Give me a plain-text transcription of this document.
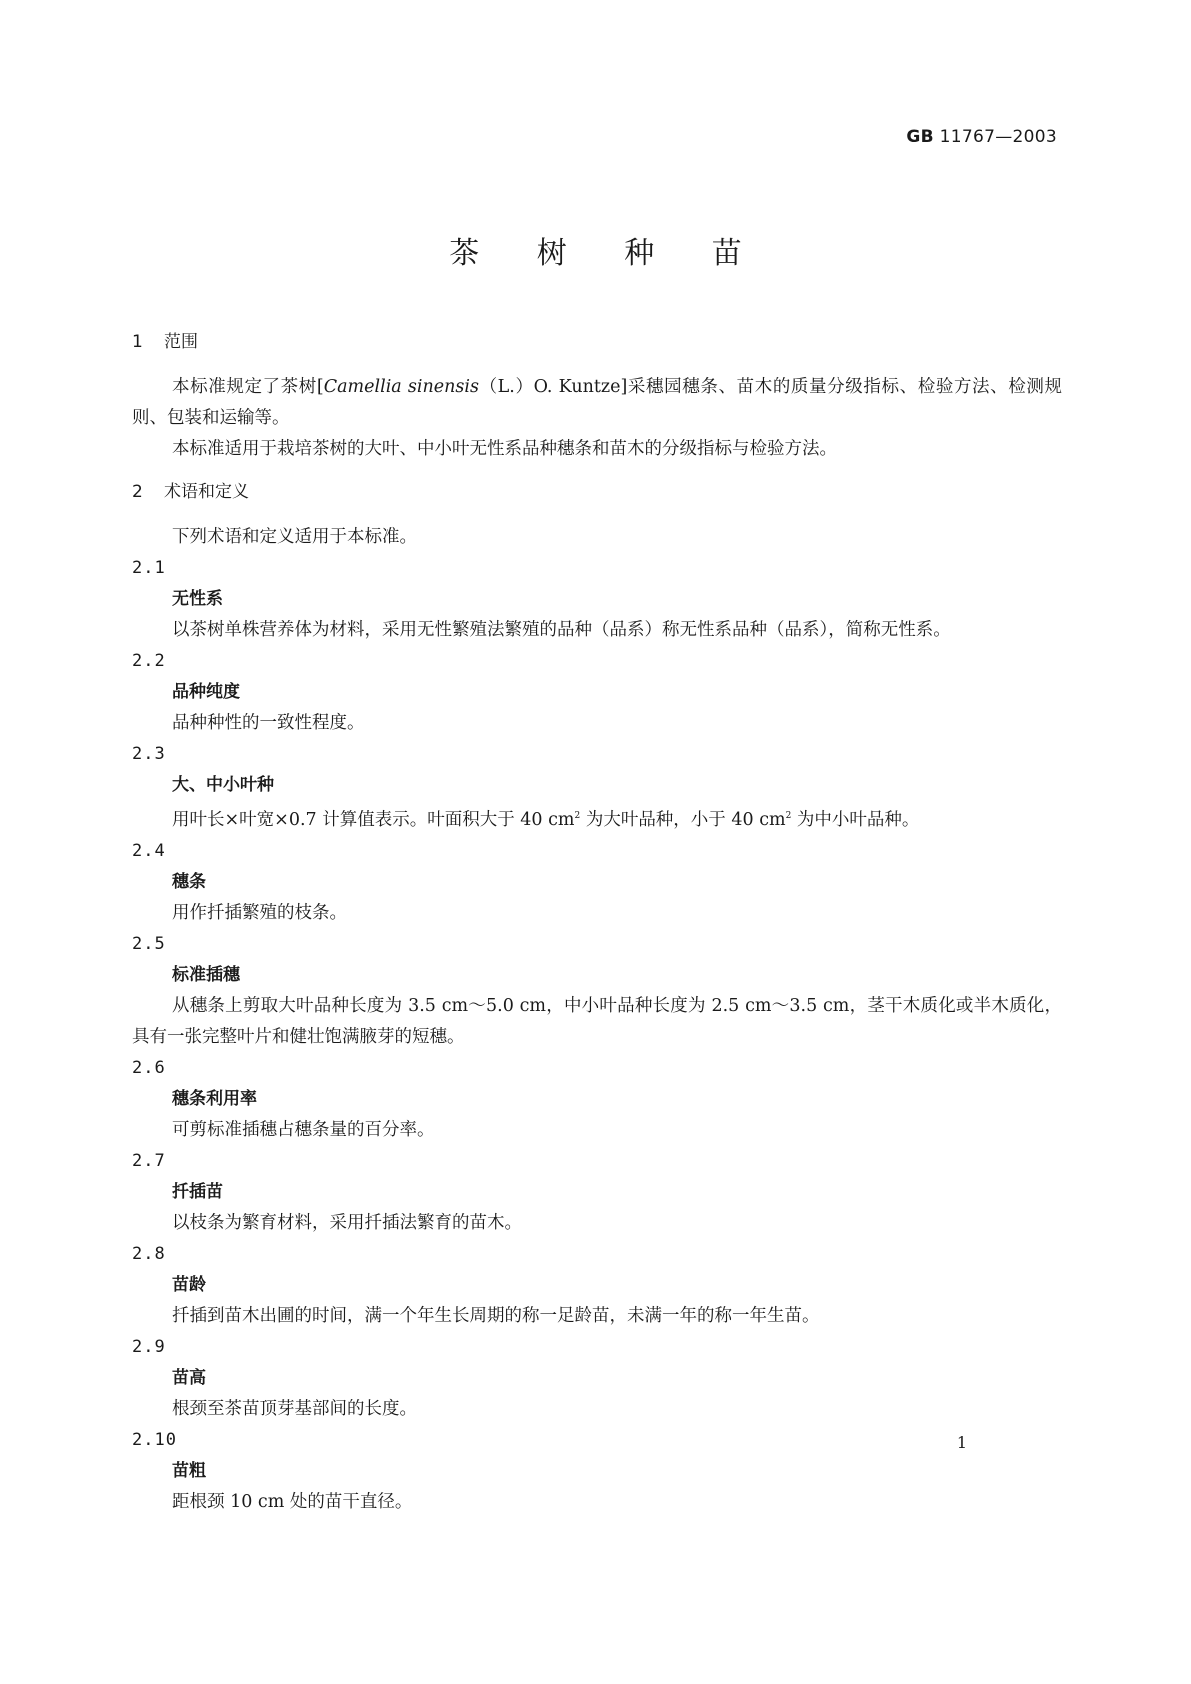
GB 11767—2003
茶 树 种 苗
1 范围

本标准规定了茶树[Camellia sinensis（L.）O. Kuntze]采穗园穗条、苗木的质量分级指标、检验方法、检测规则、包装和运输等。

本标准适用于栽培茶树的大叶、中小叶无性系品种穗条和苗木的分级指标与检验方法。

2 术语和定义
下列术语和定义适用于本标准。
2.1
无性系
以茶树单株营养体为材料，采用无性繁殖法繁殖的品种（品系）称无性系品种（品系），简称无性系。
2.2
品种纯度
品种种性的一致性程度。
2.3
大、中小叶种
用叶长×叶宽×0.7 计算值表示。叶面积大于 40 $cm^2$ 为大叶品种，小于 40 $cm^2$ 为中小叶品种。
2.4
穗条
用作扦插繁殖的枝条。
2.5
标准插穗
从穗条上剪取大叶品种长度为 3.5 cm～5.0 cm，中小叶品种长度为 2.5 cm～3.5 cm，茎干木质化或半木质化，具有一张完整叶片和健壮饱满腋芽的短穗。
2.6
穗条利用率
可剪标准插穗占穗条量的百分率。
2.7
扦插苗
以枝条为繁育材料，采用扦插法繁育的苗木。
2.8
苗龄
扦插到苗木出圃的时间，满一个年生长周期的称一足龄苗，未满一年的称一年生苗。
2.9
苗高
根颈至茶苗顶芽基部间的长度。
2.10
苗粗
距根颈 10 cm 处的苗干直径。
1
